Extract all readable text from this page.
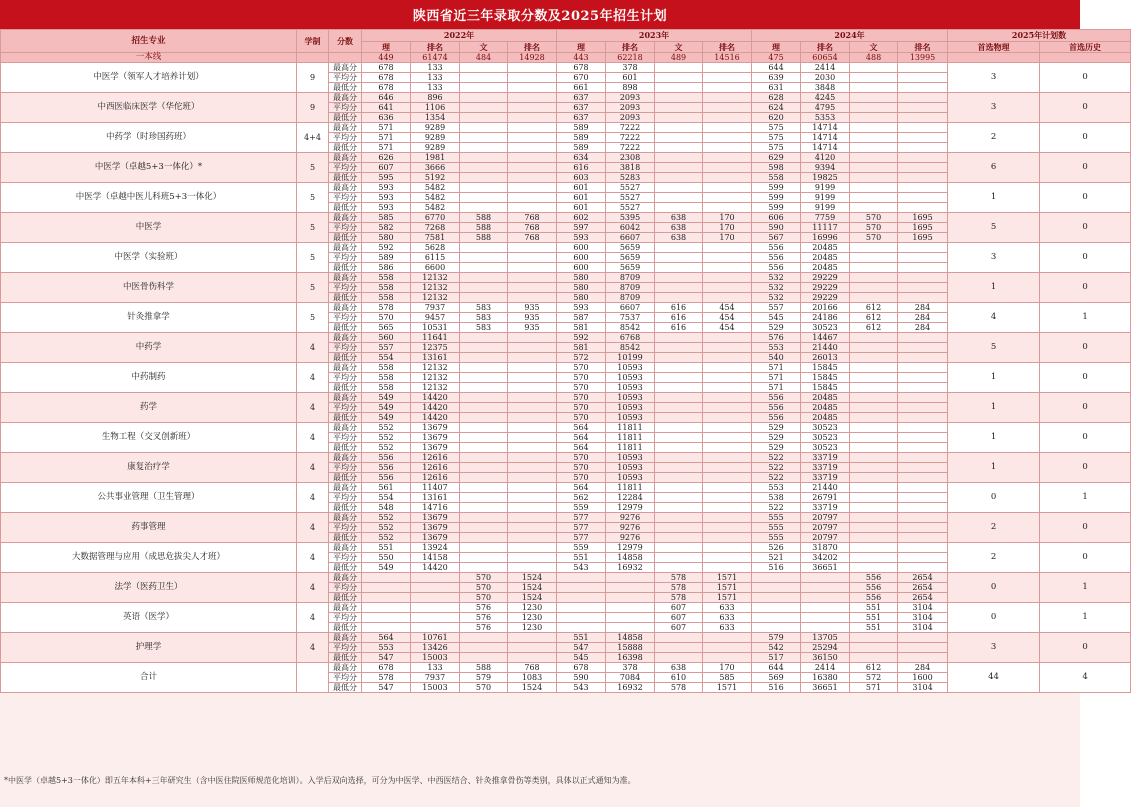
陕西省近三年录取分数及2025年招生计划
招生专业	学制	分数	2022年				2023年				2024年				2025年计划数	
			理	排名	文	排名	理	排名	文	排名	理	排名	文	排名	首选物理	首选历史
一本线			449	61474	484	14928	443	62218	489	14516	475	60654	488	13995		
中医学（领军人才培养计划）	9	最高分	678	133			678	378			644	2414			3	0
		平均分	678	133			670	601			639	2030				
		最低分	678	133			661	898			631	3848				
中西医临床医学（华佗班）	9	最高分	646	896			637	2093			628	4245			3	0
		平均分	641	1106			637	2093			624	4795				
		最低分	636	1354			637	2093			620	5353				
中药学（时珍国药班）	4+4	最高分	571	9289			589	7222			575	14714			2	0
		平均分	571	9289			589	7222			575	14714				
		最低分	571	9289			589	7222			575	14714				
中医学（卓越5+3一体化）*	5	最高分	626	1981			634	2308			629	4120			6	0
		平均分	607	3666			616	3818			598	9394				
		最低分	595	5192			603	5283			558	19825				
中医学（卓越中医儿科班5+3一体化）	5	最高分	593	5482			601	5527			599	9199			1	0
		平均分	593	5482			601	5527			599	9199				
		最低分	593	5482			601	5527			599	9199				
中医学	5	最高分	585	6770	588	768	602	5395	638	170	606	7759	570	1695	5	0
		平均分	582	7268	588	768	597	6042	638	170	590	11117	570	1695		
		最低分	580	7581	588	768	593	6607	638	170	567	16996	570	1695		
中医学（实验班）	5	最高分	592	5628			600	5659			556	20485			3	0
		平均分	589	6115			600	5659			556	20485				
		最低分	586	6600			600	5659			556	20485				
中医骨伤科学	5	最高分	558	12132			580	8709			532	29229			1	0
		平均分	558	12132			580	8709			532	29229				
		最低分	558	12132			580	8709			532	29229				
针灸推拿学	5	最高分	578	7937	583	935	593	6607	616	454	557	20166	612	284	4	1
		平均分	570	9457	583	935	587	7537	616	454	545	24186	612	284		
		最低分	565	10531	583	935	581	8542	616	454	529	30523	612	284		
中药学	4	最高分	560	11641			592	6768			576	14467			5	0
		平均分	557	12375			581	8542			553	21440				
		最低分	554	13161			572	10199			540	26013				
中药制药	4	最高分	558	12132			570	10593			571	15845			1	0
		平均分	558	12132			570	10593			571	15845				
		最低分	558	12132			570	10593			571	15845				
药学	4	最高分	549	14420			570	10593			556	20485			1	0
		平均分	549	14420			570	10593			556	20485				
		最低分	549	14420			570	10593			556	20485				
生物工程（交叉创新班）	4	最高分	552	13679			564	11811			529	30523			1	0
		平均分	552	13679			564	11811			529	30523				
		最低分	552	13679			564	11811			529	30523				
康复治疗学	4	最高分	556	12616			570	10593			522	33719			1	0
		平均分	556	12616			570	10593			522	33719				
		最低分	556	12616			570	10593			522	33719				
公共事业管理（卫生管理）	4	最高分	561	11407			564	11811			553	21440			0	1
		平均分	554	13161			562	12284			538	26791				
		最低分	548	14716			559	12979			522	33719				
药事管理	4	最高分	552	13679			577	9276			555	20797			2	0
		平均分	552	13679			577	9276			555	20797				
		最低分	552	13679			577	9276			555	20797				
大数据管理与应用（成思危拔尖人才班）	4	最高分	551	13924			559	12979			526	31870			2	0
		平均分	550	14158			551	14858			521	34202				
		最低分	549	14420			543	16932			516	36651				
法学（医药卫生）	4	最高分			570	1524			578	1571			556	2654	0	1
		平均分			570	1524			578	1571			556	2654		
		最低分			570	1524			578	1571			556	2654		
英语（医学）	4	最高分			576	1230			607	633			551	3104	0	1
		平均分			576	1230			607	633			551	3104		
		最低分			576	1230			607	633			551	3104		
护理学	4	最高分	564	10761			551	14858			579	13705			3	0
		平均分	553	13426			547	15888			542	25294				
		最低分	547	15003			545	16398			517	36150				
合计		最高分	678	133	588	768	678	378	638	170	644	2414	612	284	44	4
		平均分	578	7937	579	1083	590	7084	610	585	569	16380	572	1600		
		最低分	547	15003	570	1524	543	16932	578	1571	516	36651	571	3104		
*中医学（卓越5+3一体化）即五年本科+三年研究生（含中医住院医师规范化培训）。入学后双向选择，可分为中医学、中西医结合、针灸推拿骨伤等类别，具体以正式通知为准。
